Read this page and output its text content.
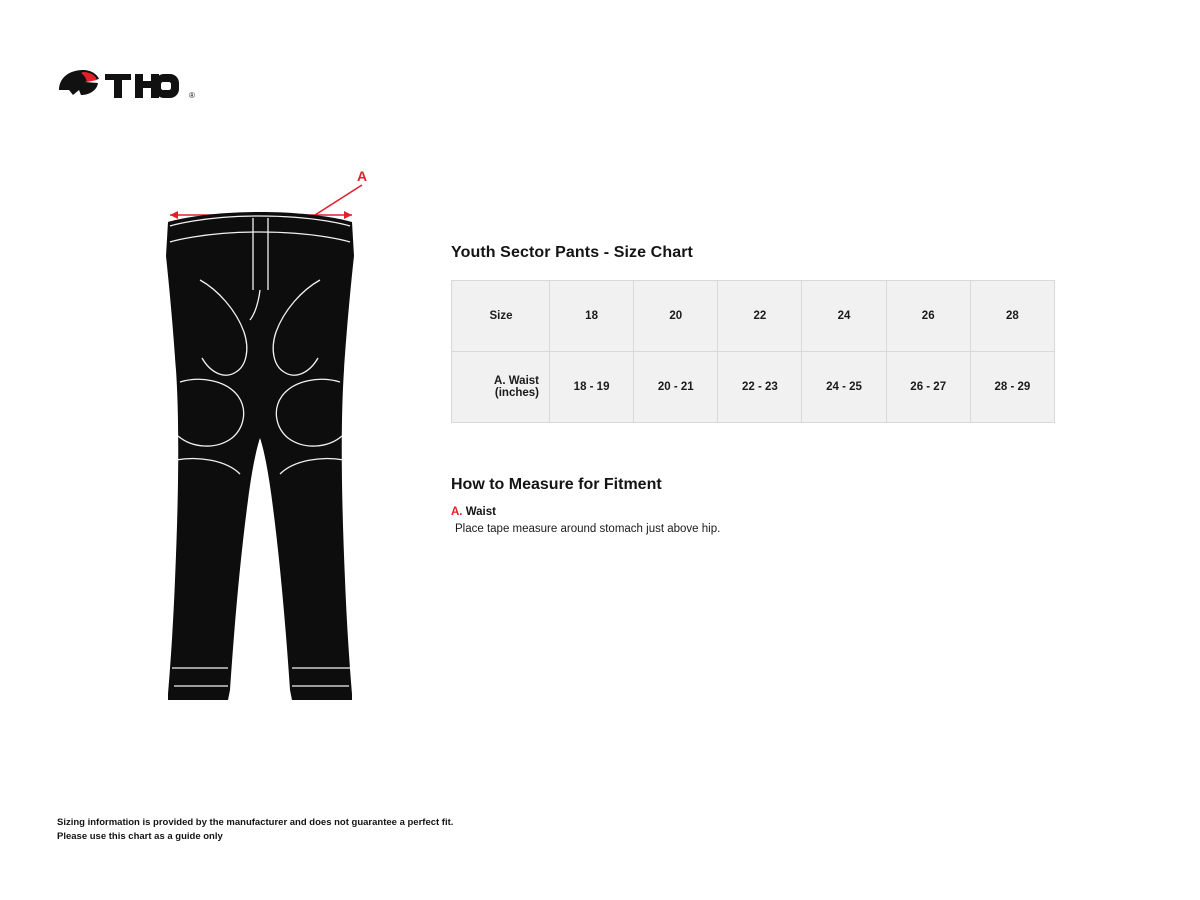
®
A
Youth Sector Pants - Size Chart
Size	18	20	22	24	26	28
A. Waist (inches)	18 - 19	20 - 21	22 - 23	24 - 25	26 - 27	28 - 29
How to Measure for Fitment
A. Waist
Place tape measure around stomach just above hip.
Sizing information is provided by the manufacturer and does not guarantee a perfect fit.
Please use this chart as a guide only
